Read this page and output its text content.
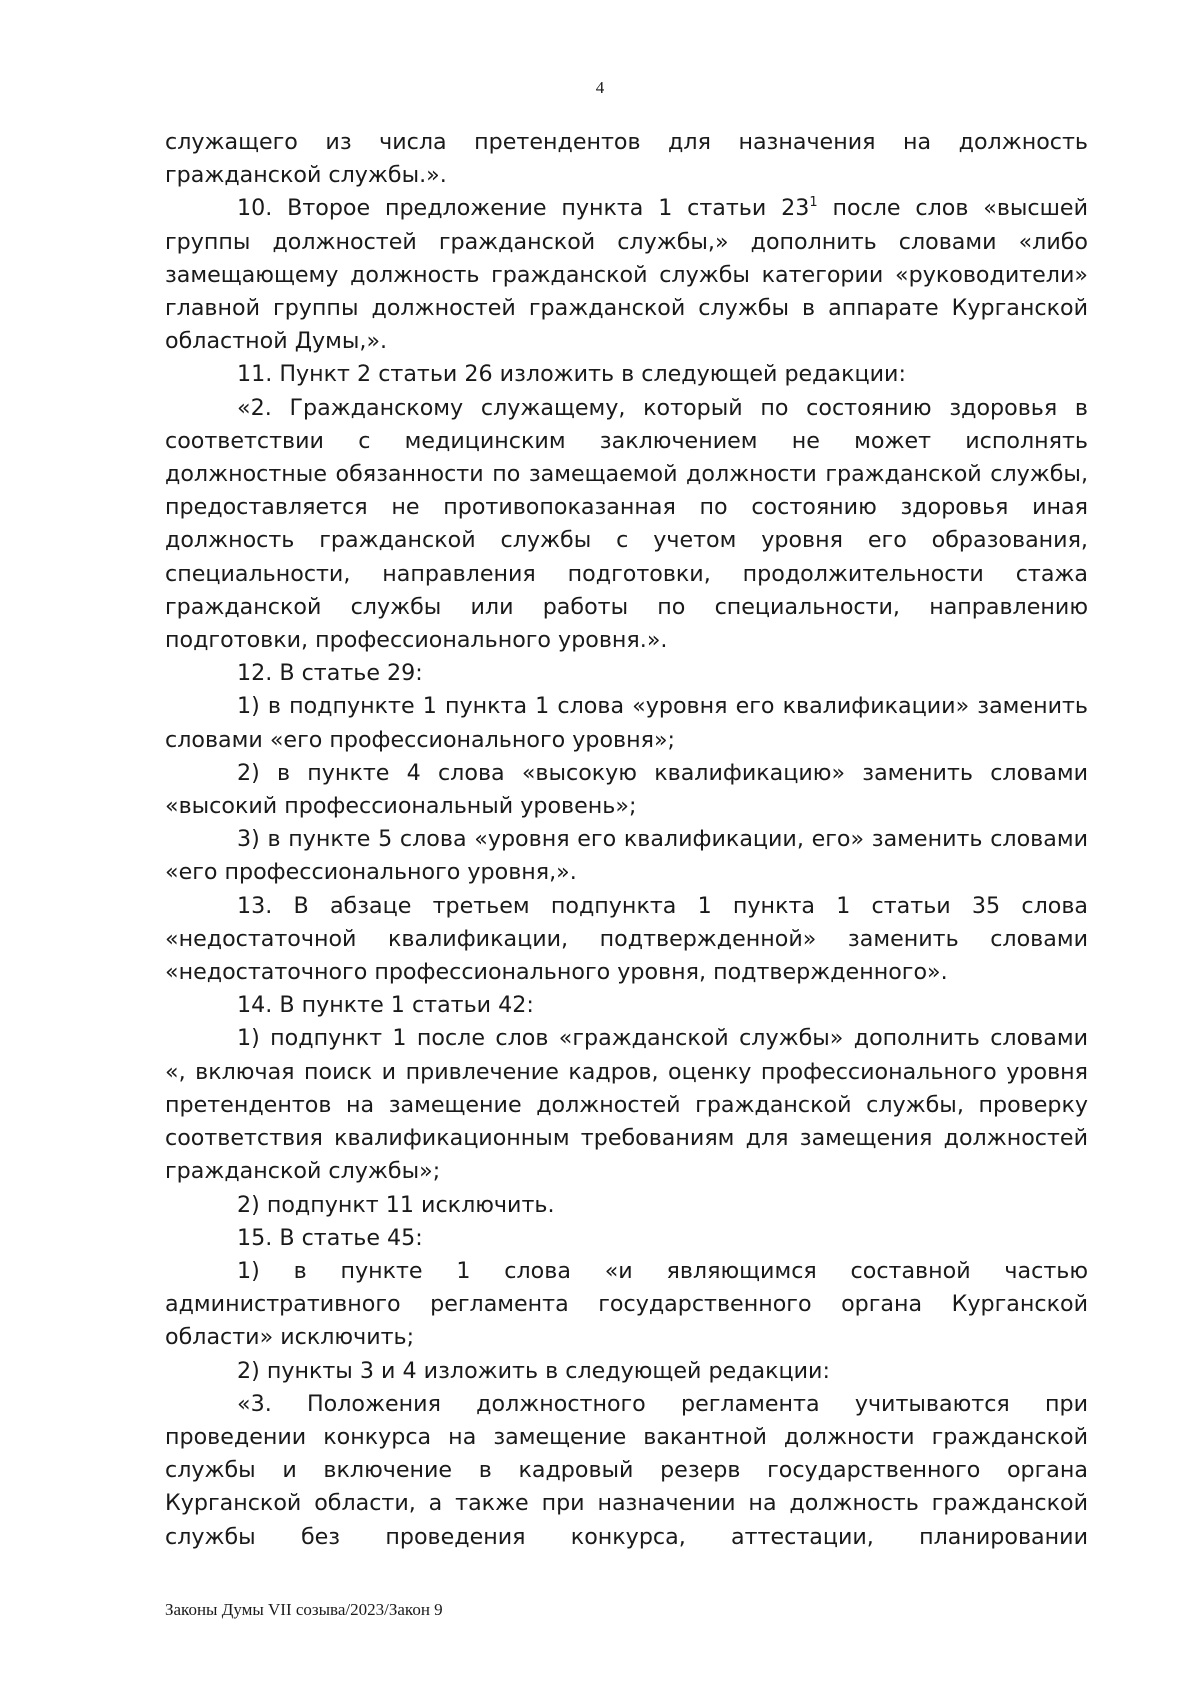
4

служащего из числа претендентов для назначения на должность гражданской службы.».

10. Второе предложение пункта 1 статьи $23^1$ после слов «высшей группы должностей гражданской службы,» дополнить словами «либо замещающему должность гражданской службы категории «руководители» главной группы должностей гражданской службы в аппарате Курганской областной Думы,».

11. Пункт 2 статьи 26 изложить в следующей редакции:

«2. Гражданскому служащему, который по состоянию здоровья в соответствии с медицинским заключением не может исполнять должностные обязанности по замещаемой должности гражданской службы, предоставляется не противопоказанная по состоянию здоровья иная должность гражданской службы с учетом уровня его образования, специальности, направления подготовки, продолжительности стажа гражданской службы или работы по специальности, направлению подготовки, профессионального уровня.».

12. В статье 29:

1) в подпункте 1 пункта 1 слова «уровня его квалификации» заменить словами «его профессионального уровня»;

2) в пункте 4 слова «высокую квалификацию» заменить словами «высокий профессиональный уровень»;

3) в пункте 5 слова «уровня его квалификации, его» заменить словами «его профессионального уровня,».

13. В абзаце третьем подпункта 1 пункта 1 статьи 35 слова «недостаточной квалификации, подтвержденной» заменить словами «недостаточного профессионального уровня, подтвержденного».

14. В пункте 1 статьи 42:

1) подпункт 1 после слов «гражданской службы» дополнить словами «, включая поиск и привлечение кадров, оценку профессионального уровня претендентов на замещение должностей гражданской службы, проверку соответствия квалификационным требованиям для замещения должностей гражданской службы»;

2) подпункт 11 исключить.

15. В статье 45:

1) в пункте 1 слова «и являющимся составной частью административного регламента государственного органа Курганской области» исключить;

2) пункты 3 и 4 изложить в следующей редакции:

«3. Положения должностного регламента учитываются при проведении конкурса на замещение вакантной должности гражданской службы и включение в кадровый резерв государственного органа Курганской области, а также при назначении на должность гражданской службы без проведения конкурса, аттестации, планировании

Законы Думы VII созыва/2023/Закон 9
